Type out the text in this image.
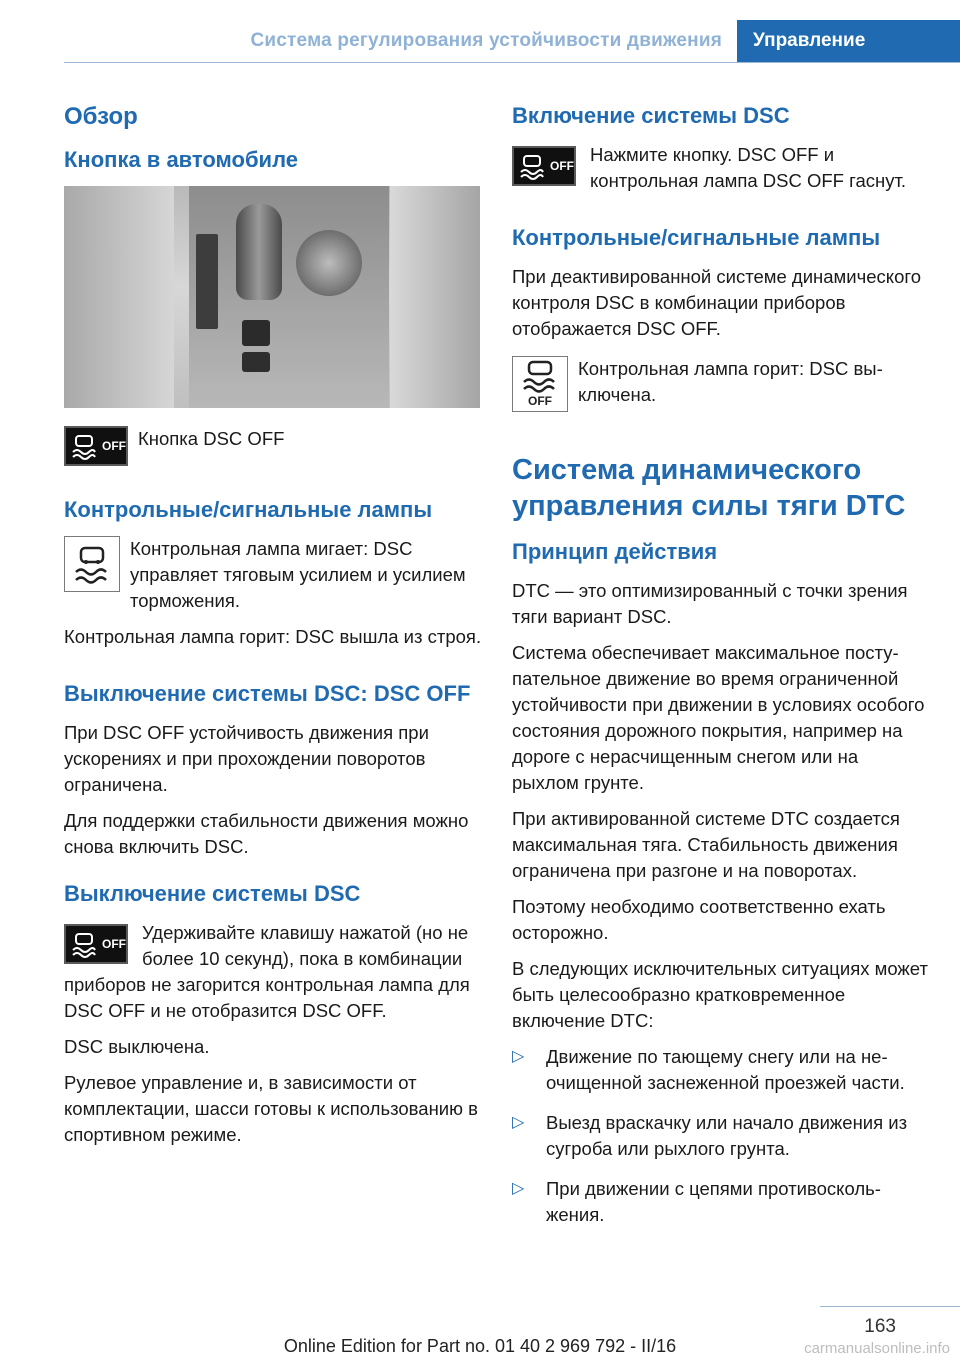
Система регулирования устойчивости движения	Управление
Обзор
Кнопка в автомобиле
OFF Кнопка DSC OFF
Контрольные/сигнальные лампы
Контрольная лампа мигает: DSC управляет тяговым усилием и усилием торможения.

Контрольная лампа горит: DSC вышла из строя.

Выключение системы DSC: DSC OFF

При DSC OFF устойчивость движения при ускорениях и при прохождении поворотов ограничена.

Для поддержки стабильности движения можно снова включить DSC.

Выключение системы DSC
OFF

Удерживайте клавишу нажатой (но не более 10 секунд), пока в комбинации приборов не загорится контрольная лампа для DSC OFF и не отобразится DSC OFF.

DSC выключена.

Рулевое управление и, в зависимости от комплектации, шасси готовы к использованию в спортивном режиме.

Включение системы DSC
OFF

Нажмите кнопку. DSC OFF и контрольная лампа DSC OFF гаснут.

Контрольные/сигнальные лампы

При деактивированной системе динамического контроля DSC в комбинации приборов отображается DSC OFF.

OFF
Контрольная лампа горит: DSC выключена.
Система динамического управления силы тяги DTC
Принцип действия

DTC — это оптимизированный с точки зрения тяги вариант DSC.

Система обеспечивает максимальное поступательное движение во время ограниченной устойчивости при движении в условиях особого состояния дорожного покрытия, например на дороге с нерасчищенным снегом или на рыхлом грунте.

При активированной системе DTC создается максимальная тяга. Стабильность движения ограничена при разгоне и на поворотах.

Поэтому необходимо соответственно ехать осторожно.

В следующих исключительных ситуациях может быть целесообразно кратковременное включение DTC:

▷ Движение по тающему снегу или на неочищенной заснеженной проезжей части.
▷ Выезд враскачку или начало движения из сугроба или рыхлого грунта.
▷ При движении с цепями противоскольжения.
163
Online Edition for Part no. 01 40 2 969 792 - II/16	carmanualsonline.info
